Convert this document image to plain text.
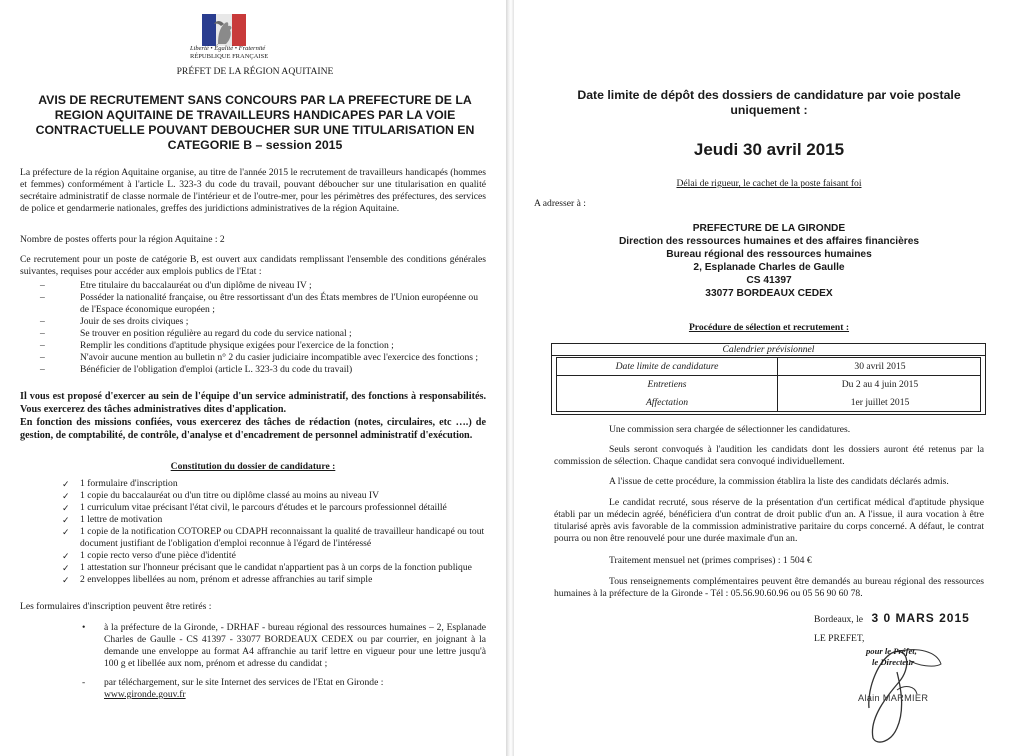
Liberté • Égalité • Fraternité
RÉPUBLIQUE FRANÇAISE
PRÉFET DE LA RÉGION AQUITAINE

AVIS DE RECRUTEMENT SANS CONCOURS PAR LA PREFECTURE DE LA REGION AQUITAINE DE TRAVAILLEURS HANDICAPES PAR LA VOIE CONTRACTUELLE POUVANT DEBOUCHER SUR UNE TITULARISATION EN CATEGORIE B – session 2015

La préfecture de la région Aquitaine organise, au titre de l'année 2015 le recrutement de travailleurs handicapés (hommes et femmes) conformément à l'article L. 323-3 du code du travail, pouvant déboucher sur une titularisation en qualité secrétaire administratif de classe normale de l'intérieur et de l'outre-mer, pour les périmètres des préfectures, des services de police et gendarmerie nationales, greffes des juridictions administratives de la région Aquitaine.

Nombre de postes offerts pour la région Aquitaine : 2

Ce recrutement pour un poste de catégorie B, est ouvert aux candidats remplissant l'ensemble des conditions générales suivantes, requises pour accéder aux emplois publics de l'Etat :

–	Etre titulaire du baccalauréat ou d'un diplôme de niveau IV ;
–	Posséder la nationalité française, ou être ressortissant d'un des États membres de l'Union européenne ou de l'Espace économique européen ;
–	Jouir de ses droits civiques ;
–	Se trouver en position régulière au regard du code du service national ;
–	Remplir les conditions d'aptitude physique exigées pour l'exercice de la fonction ;
–	N'avoir aucune mention au bulletin n° 2 du casier judiciaire incompatible avec l'exercice des fonctions ;
–	Bénéficier de l'obligation d'emploi (article L. 323-3 du code du travail)
Il vous est proposé d'exercer au sein de l'équipe d'un service administratif, des fonctions à responsabilités. Vous exercerez des tâches administratives dites d'application.
En fonction des missions confiées, vous exercerez des tâches de rédaction (notes, circulaires, etc ….) de gestion, de comptabilité, de contrôle, d'analyse et d'encadrement de personnel administratif d'exécution.

Constitution du dossier de candidature :

✓ 1 formulaire d'inscription
✓ 1 copie du baccalauréat ou d'un titre ou diplôme classé au moins au niveau IV
✓ 1 curriculum vitae précisant l'état civil, le parcours d'études et le parcours professionnel détaillé
✓ 1 lettre de motivation
✓ 1 copie de la notification COTOREP ou CDAPH reconnaissant la qualité de travailleur handicapé ou tout document justifiant de l'obligation d'emploi reconnue à l'égard de l'intéressé
✓ 1 copie recto verso d'une pièce d'identité
✓ 1 attestation sur l'honneur précisant que le candidat n'appartient pas à un corps de la fonction publique
✓ 2 enveloppes libellées au nom, prénom et adresse affranchies au tarif simple

Les formulaires d'inscription peuvent être retirés :

• à la préfecture de la Gironde, - DRHAF - bureau régional des ressources humaines – 2, Esplanade Charles de Gaulle - CS 41397 - 33077 BORDEAUX CEDEX ou par courrier, en joignant à la demande une enveloppe au format A4 affranchie au tarif lettre en vigueur pour une lettre jusqu'à 100 g et libellée aux nom, prénom et adresse du candidat ;
- par téléchargement, sur le site Internet des services de l'Etat en Gironde :
www.gironde.gouv.fr

Date limite de dépôt des dossiers de candidature par voie postale uniquement :

Jeudi 30 avril 2015

Délai de rigueur, le cachet de la poste faisant foi

A adresser à :

PREFECTURE DE LA GIRONDE
Direction des ressources humaines et des affaires financières
Bureau régional des ressources humaines
2, Esplanade Charles de Gaulle
CS 41397
33077 BORDEAUX CEDEX

Procédure de sélection et recrutement :

Calendrier prévisionnel
Date limite de candidature	30 avril 2015
Entretiens	Du 2 au 4 juin 2015
Affectation	1er juillet 2015

Une commission sera chargée de sélectionner les candidatures.

Seuls seront convoqués à l'audition les candidats dont les dossiers auront été retenus par la commission de sélection. Chaque candidat sera convoqué individuellement.

A l'issue de cette procédure, la commission établira la liste des candidats déclarés admis.

Le candidat recruté, sous réserve de la présentation d'un certificat médical d'aptitude physique établi par un médecin agréé, bénéficiera d'un contrat de droit public d'un an. A l'issue, il aura vocation à être titularisé après avis favorable de la commission administrative paritaire du corps concerné. A défaut, le contrat pourra ou non être renouvelé pour une durée maximale d'un an.

Traitement mensuel net (primes comprises) : 1 504 €

Tous renseignements complémentaires peuvent être demandés au bureau régional des ressources humaines à la préfecture de la Gironde - Tél : 05.56.90.60.96 ou 05 56 90 60 78.

Bordeaux, le 3 0 MARS 2015

LE PREFET,

pour le Préfet,

le Directeur

Alain MARMIER
